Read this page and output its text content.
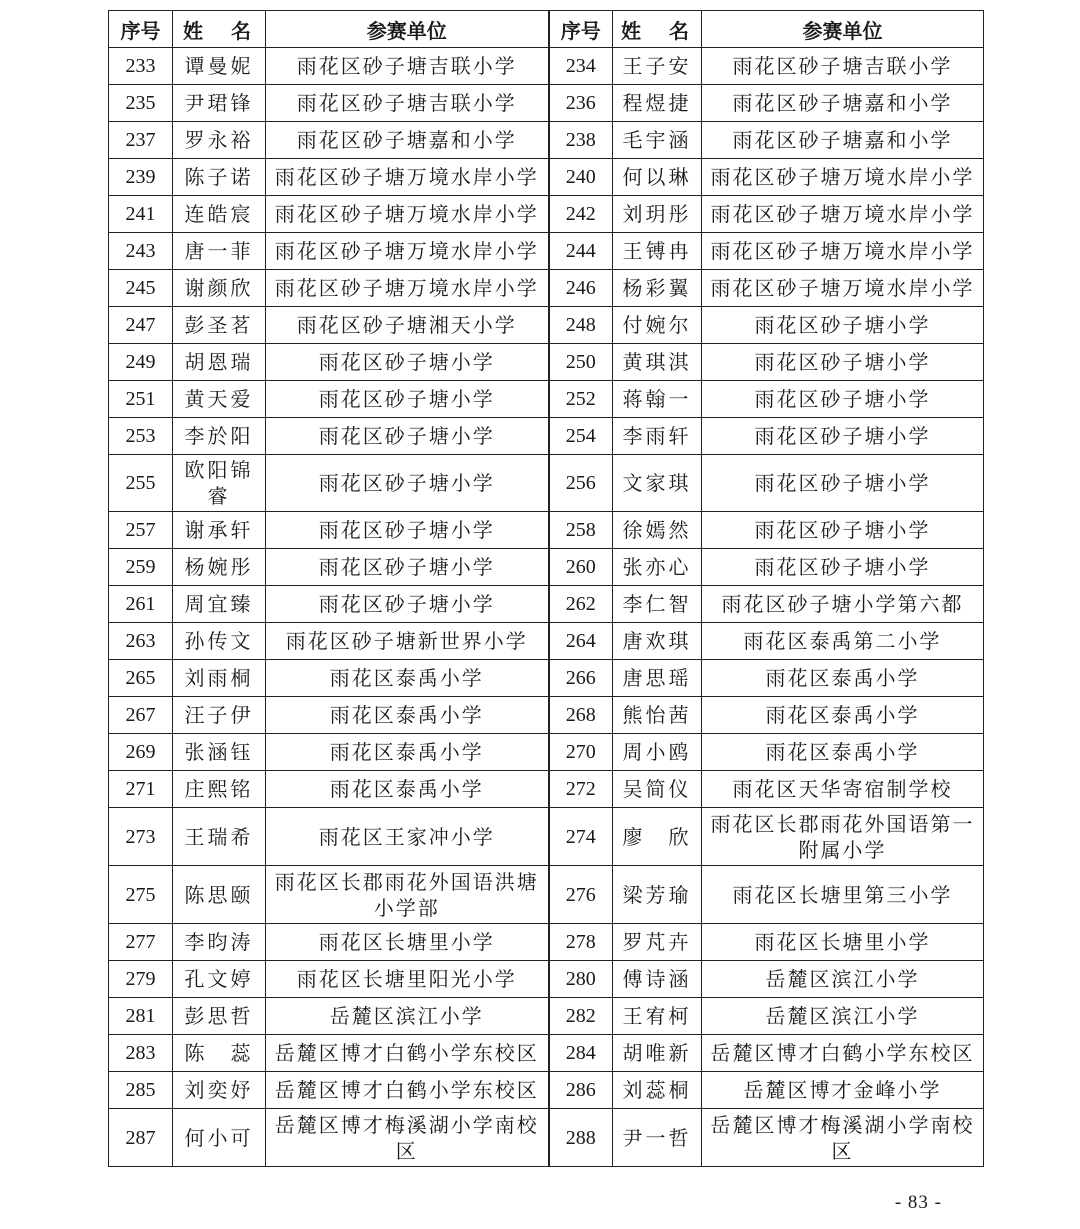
序号	姓　名	参赛单位	序号	姓　名	参赛单位
233	谭曼妮	雨花区砂子塘吉联小学	234	王子安	雨花区砂子塘吉联小学
235	尹珺锋	雨花区砂子塘吉联小学	236	程煜捷	雨花区砂子塘嘉和小学
237	罗永裕	雨花区砂子塘嘉和小学	238	毛宇涵	雨花区砂子塘嘉和小学
239	陈子诺	雨花区砂子塘万境水岸小学	240	何以琳	雨花区砂子塘万境水岸小学
241	连皓宸	雨花区砂子塘万境水岸小学	242	刘玥彤	雨花区砂子塘万境水岸小学
243	唐一菲	雨花区砂子塘万境水岸小学	244	王镈冉	雨花区砂子塘万境水岸小学
245	谢颜欣	雨花区砂子塘万境水岸小学	246	杨彩翼	雨花区砂子塘万境水岸小学
247	彭圣茗	雨花区砂子塘湘天小学	248	付婉尔	雨花区砂子塘小学
249	胡恩瑞	雨花区砂子塘小学	250	黄琪淇	雨花区砂子塘小学
251	黄天爱	雨花区砂子塘小学	252	蒋翰一	雨花区砂子塘小学
253	李於阳	雨花区砂子塘小学	254	李雨轩	雨花区砂子塘小学
255	欧阳锦睿	雨花区砂子塘小学	256	文家琪	雨花区砂子塘小学
257	谢承轩	雨花区砂子塘小学	258	徐嫣然	雨花区砂子塘小学
259	杨婉彤	雨花区砂子塘小学	260	张亦心	雨花区砂子塘小学
261	周宜臻	雨花区砂子塘小学	262	李仁智	雨花区砂子塘小学第六都
263	孙传文	雨花区砂子塘新世界小学	264	唐欢琪	雨花区泰禹第二小学
265	刘雨桐	雨花区泰禹小学	266	唐思瑶	雨花区泰禹小学
267	汪子伊	雨花区泰禹小学	268	熊怡茜	雨花区泰禹小学
269	张涵钰	雨花区泰禹小学	270	周小鸥	雨花区泰禹小学
271	庄熙铭	雨花区泰禹小学	272	吴简仪	雨花区天华寄宿制学校
273	王瑞希	雨花区王家冲小学	274	廖　欣	雨花区长郡雨花外国语第一附属小学
275	陈思颐	雨花区长郡雨花外国语洪塘小学部	276	梁芳瑜	雨花区长塘里第三小学
277	李昀涛	雨花区长塘里小学	278	罗芃卉	雨花区长塘里小学
279	孔文婷	雨花区长塘里阳光小学	280	傅诗涵	岳麓区滨江小学
281	彭思哲	岳麓区滨江小学	282	王宥柯	岳麓区滨江小学
283	陈　蕊	岳麓区博才白鹤小学东校区	284	胡唯新	岳麓区博才白鹤小学东校区
285	刘奕妤	岳麓区博才白鹤小学东校区	286	刘蕊桐	岳麓区博才金峰小学
287	何小可	岳麓区博才梅溪湖小学南校区	288	尹一哲	岳麓区博才梅溪湖小学南校区
- 83 -
